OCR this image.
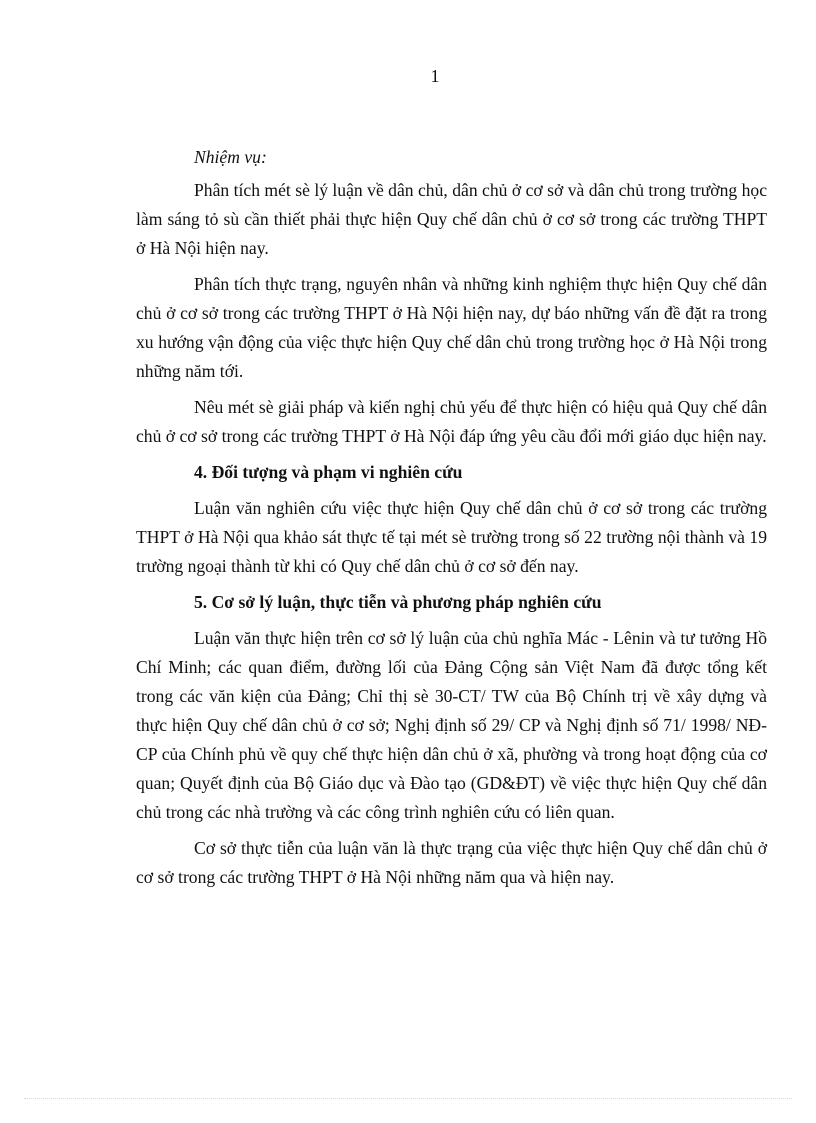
1
Nhiệm vụ:

Phân tích mét sè lý luận về dân chủ, dân chủ ở cơ sở và dân chủ trong trường học làm sáng tỏ sù cần thiết phải thực hiện Quy chế dân chủ ở cơ sở trong các trường THPT ở Hà Nội hiện nay.

Phân tích thực trạng, nguyên nhân và những kinh nghiệm thực hiện Quy chế dân chủ ở cơ sở trong các trường THPT ở Hà Nội hiện nay, dự báo những vấn đề đặt ra trong xu hướng vận động của việc thực hiện Quy chế dân chủ trong trường học ở Hà Nội trong những năm tới.

Nêu mét sè giải pháp và kiến nghị chủ yếu để thực hiện có hiệu quả Quy chế dân chủ ở cơ sở trong các trường THPT ở Hà Nội đáp ứng yêu cầu đổi mới giáo dục hiện nay.

4. Đối tượng và phạm vi nghiên cứu

Luận văn nghiên cứu việc thực hiện Quy chế dân chủ ở cơ sở trong các trường THPT ở Hà Nội qua khảo sát thực tế tại mét sè trường trong số 22 trường nội thành và 19 trường ngoại thành từ khi có Quy chế dân chủ ở cơ sở đến nay.

5. Cơ sở lý luận, thực tiễn và phương pháp nghiên cứu

Luận văn thực hiện trên cơ sở lý luận của chủ nghĩa Mác - Lênin và tư tưởng Hồ Chí Minh; các quan điểm, đường lối của Đảng Cộng sản Việt Nam đã được tổng kết trong các văn kiện của Đảng; Chỉ thị sè 30-CT/ TW của Bộ Chính trị về xây dựng và thực hiện Quy chế dân chủ ở cơ sở; Nghị định số 29/ CP và Nghị định số 71/ 1998/ NĐ-CP của Chính phủ về quy chế thực hiện dân chủ ở xã, phường và trong hoạt động của cơ quan; Quyết định của Bộ Giáo dục và Đào tạo (GD&ĐT) về việc thực hiện Quy chế dân chủ trong các nhà trường và các công trình nghiên cứu có liên quan.

Cơ sở thực tiễn của luận văn là thực trạng của việc thực hiện Quy chế dân chủ ở cơ sở trong các trường THPT ở Hà Nội những năm qua và hiện nay.
